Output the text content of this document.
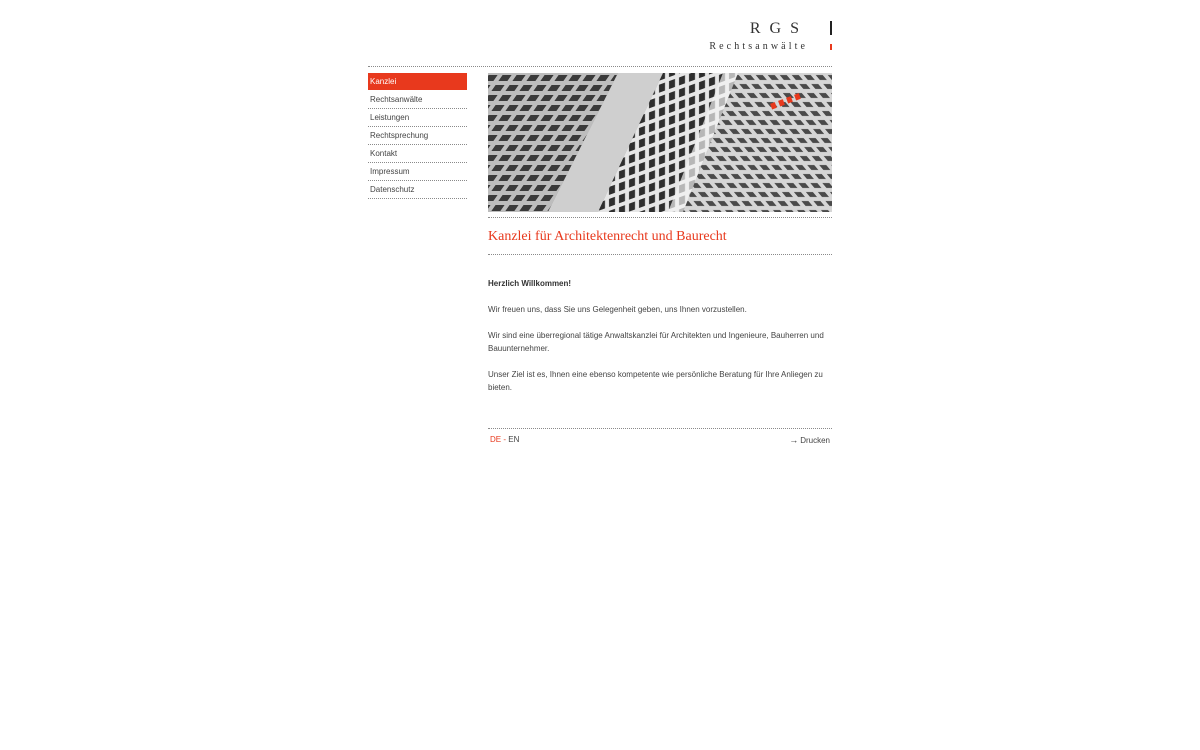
RGS
Rechtsanwälte
Kanzlei
Rechtsanwälte
Leistungen
Rechtsprechung
Kontakt
Impressum
Datenschutz
Kanzlei für Architektenrecht und Baurecht

Herzlich Willkommen!

Wir freuen uns, dass Sie uns Gelegenheit geben, uns Ihnen vorzustellen.

Wir sind eine überregional tätige Anwaltskanzlei für Architekten und Ingenieure, Bauherren und Bauunternehmer.

Unser Ziel ist es, Ihnen eine ebenso kompetente wie persönliche Beratung für Ihre Anliegen zu bieten.

DE - EN	→ Drucken
